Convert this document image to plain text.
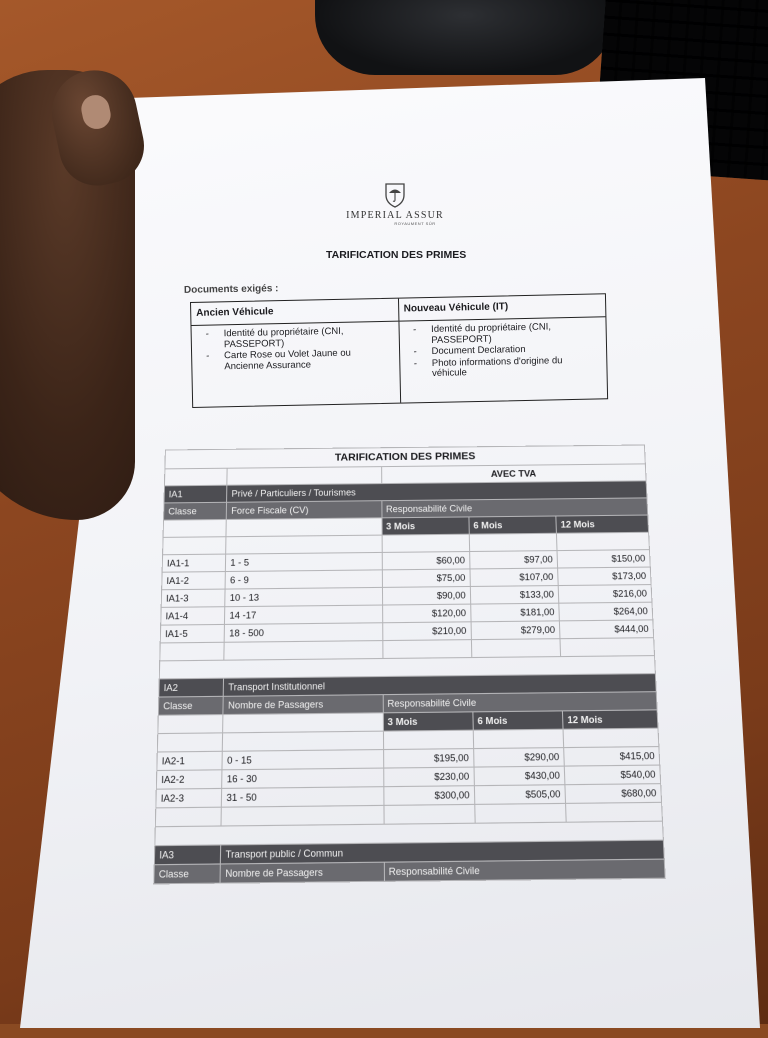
IMPERIAL ASSUR
ROYAUMENT SÛR
TARIFICATION DES PRIMES
Documents exigés :
Ancien Véhicule
- Identité du propriétaire (CNI, PASSEPORT)
- Carte Rose ou Volet Jaune ou Ancienne Assurance
Nouveau Véhicule (IT)
- Identité du propriétaire (CNI, PASSEPORT)
- Document Declaration
- Photo informations d'origine du véhicule
TARIFICATION DES PRIMES				
		AVEC TVA		
IA1	Privé / Particuliers / Tourismes			
Classe	Force Fiscale (CV)	Responsabilité Civile		
		3 Mois	6 Mois	12 Mois

IA1-1	1 - 5	$60,00	$97,00	$150,00
IA1-2	6 - 9	$75,00	$107,00	$173,00
IA1-3	10 - 13	$90,00	$133,00	$216,00
IA1-4	14 -17	$120,00	$181,00	$264,00
IA1-5	18 - 500	$210,00	$279,00	$444,00

IA2	Transport Institutionnel			
Classe	Nombre de Passagers	Responsabilité Civile		
		3 Mois	6 Mois	12 Mois

IA2-1	0 - 15	$195,00	$290,00	$415,00
IA2-2	16 - 30	$230,00	$430,00	$540,00
IA2-3	31 - 50	$300,00	$505,00	$680,00

IA3	Transport public / Commun			
Classe	Nombre de Passagers	Responsabilité Civile		
